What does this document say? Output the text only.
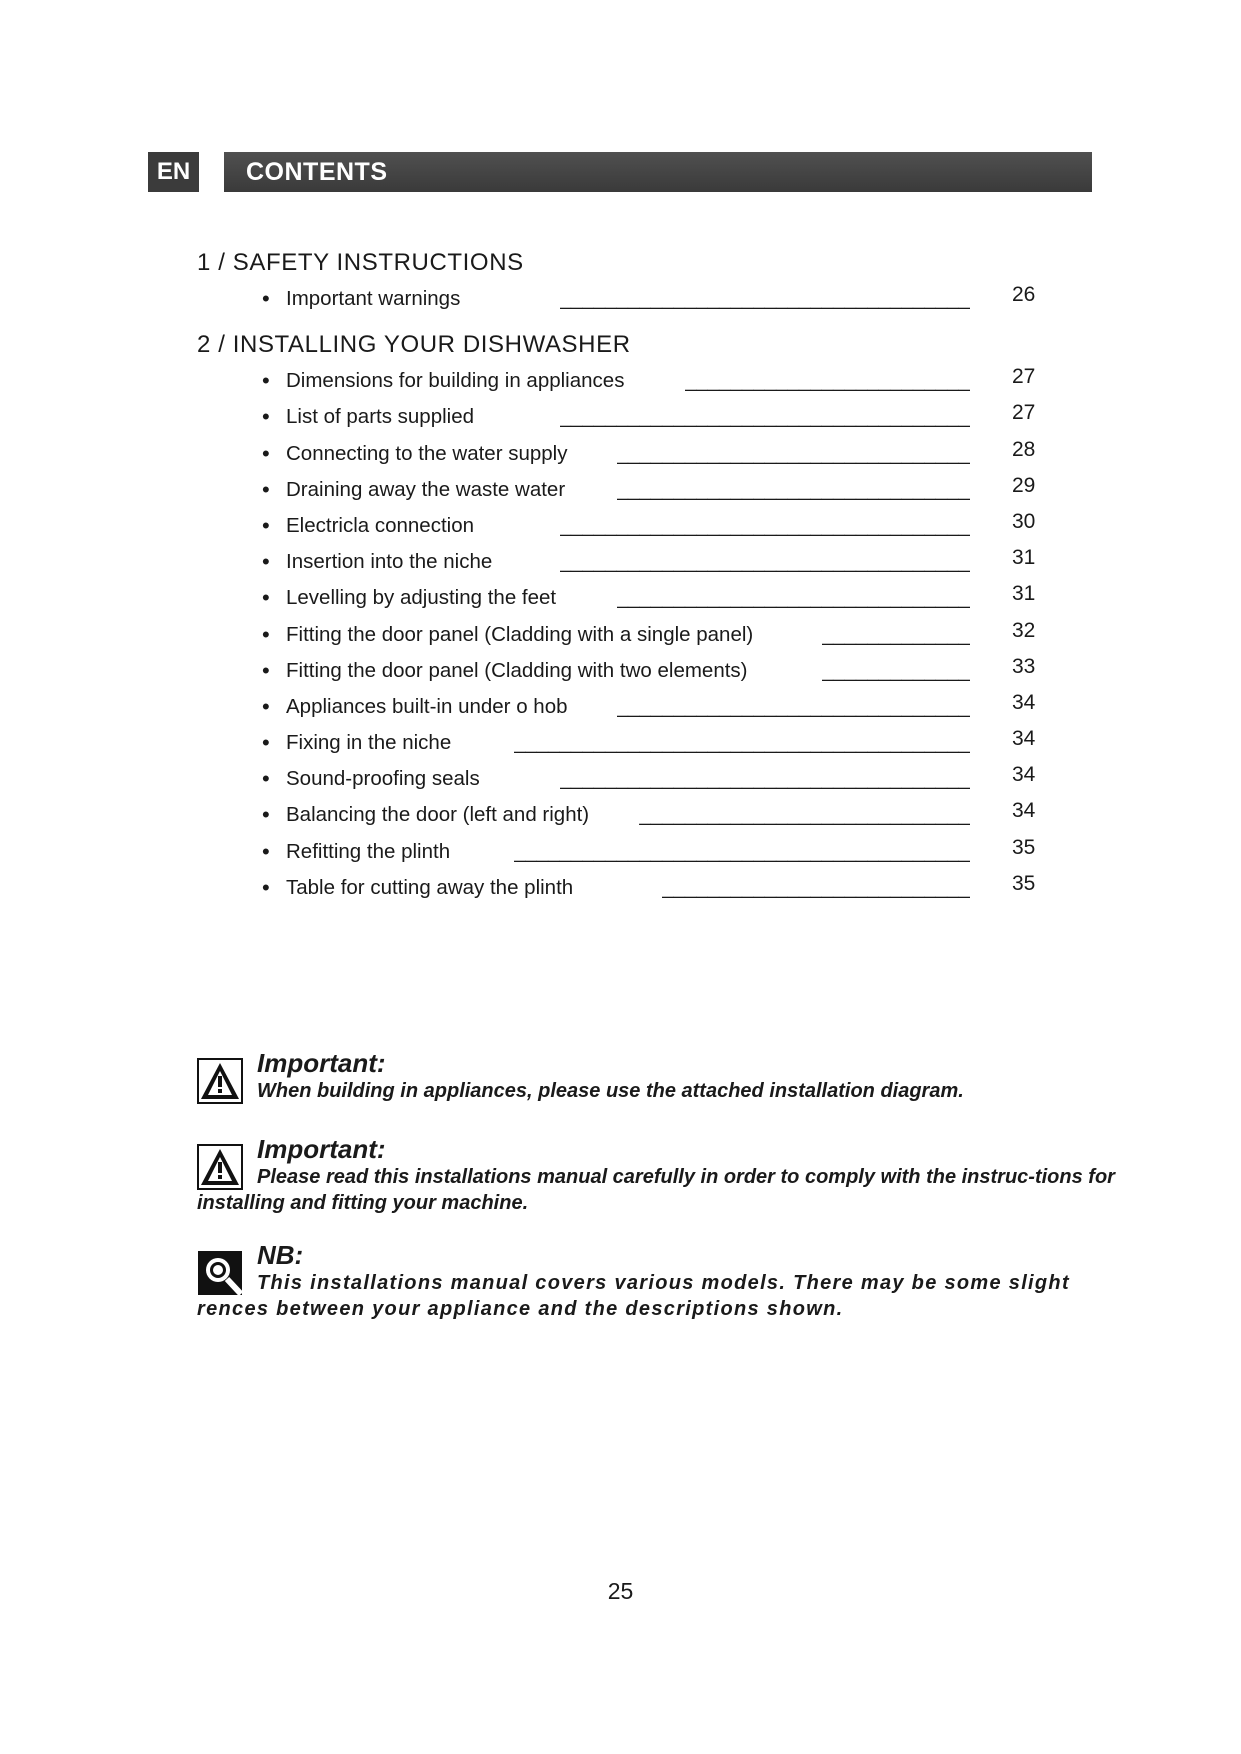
EN	CONTENTS
1 / SAFETY INSTRUCTIONS
• Important warnings	____________________________________ 26
2 / INSTALLING YOUR DISHWASHER
• Dimensions for building in appliances	_________________________ 27
• List of parts supplied	____________________________________ 27
• Connecting to the water supply _______________________________ 28
• Draining away the waste water	_______________________________ 29
• Electricla connection	____________________________________ 30
• Insertion into the niche	____________________________________ 31
• Levelling by adjusting the feet	_______________________________ 31
• Fitting the door panel (Cladding with a single panel)	_____________ 32
• Fitting the door panel (Cladding with two elements)	_____________ 33
• Appliances built-in under o hob _______________________________ 34
• Fixing in the niche	________________________________________ 34
• Sound-proofing seals	____________________________________ 34
• Balancing the door (left and right) _____________________________ 34
• Refitting the plinth	________________________________________ 35
• Table for cutting away the plinth	___________________________ 35
Important:
When building in appliances, please use the attached installation diagram.
Important:
Please read this installations manual carefully in order to comply with the instruc-tions for installing and fitting your machine.
NB:
This installations manual covers various models. There may be some slight rences between your appliance and the descriptions shown.
25
